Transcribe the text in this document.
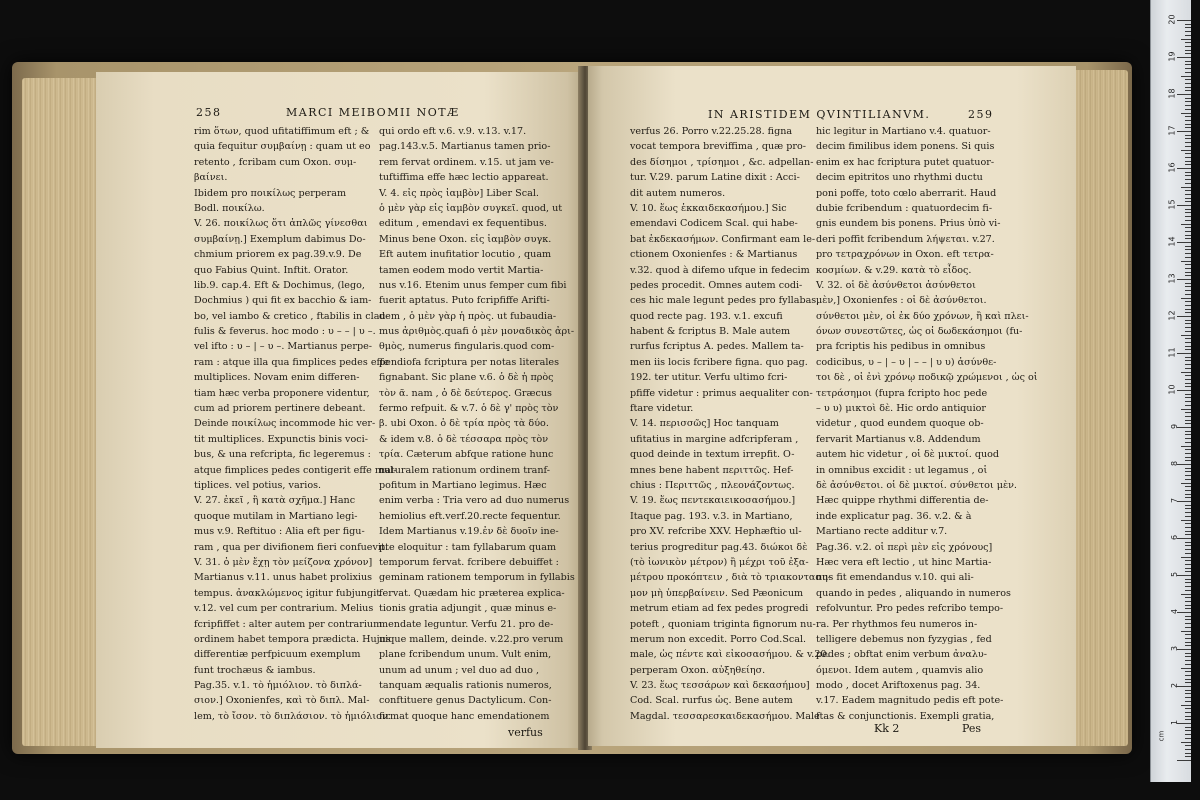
258	MARCI MEIBOMII NOTÆ
rim ὅτων, quod ufitatiffimum eft ; &
quia fequitur συμβαίνῃ : quam ut eo
retento , fcribam cum Oxon. συμ-
βαίνει.
Ibidem pro ποικίλως perperam
Bodl. ποικίλω.
V. 26. ποικίλως ὅτι ἁπλῶς γίνεσθαι
συμβαίνῃ.] Exemplum dabimus Do-
chmium priorem ex pag.39.v.9. De
quo Fabius Quint. Inftit. Orator.
lib.9. cap.4. Eft & Dochimus, (lego,
Dochmius ) qui fit ex bacchio & iam-
bo, vel iambo & cretico , ftabilis in clau-
fulis & feverus. hoc modo : υ – – | υ –.
vel ifto : υ – | – υ –. Martianus perpe-
ram : atque illa qua fimplices pedes effe
multiplices. Novam enim differen-
tiam hæc verba proponere videntur,
cum ad priorem pertinere debeant.
Deinde ποικίλως incommode hic ver-
tit multiplices. Expunctis binis voci-
bus, & una refcripta, fic legeremus :
atque fimplices pedes contigerit effe mul-
tiplices. vel potius, varios.
V. 27. ἐκεῖ , ἢ κατὰ σχῆμα.] Hanc
quoque mutilam in Martiano legi-
mus v.9. Reftituo : Alia eft per figu-
ram , qua per divifionem fieri confuevit.
V. 31. ὁ μὲν ἔχῃ τὸν μείζονα χρόνον]
Martianus v.11. unus habet prolixius
tempus. ἀνακλώμενος igitur fubjungit
v.12. vel cum per contrarium. Melius
fcripfiffet : alter autem per contrarium
ordinem habet tempora prædicta. Hujus
differentiæ perfpicuum exemplum
funt trochæus & iambus.
Pag.35. v.1. τὸ ἡμιόλιον. τὸ διπλά-
σιον.] Oxonienfes, καὶ τὸ διπλ. Mal-
lem, τὸ ἴσον. τὸ διπλάσιον. τὸ ἡμιόλιον.
qui ordo eft v.6. v.9. v.13. v.17.
pag.143.v.5. Martianus tamen prio-
rem fervat ordinem. v.15. ut jam ve-
tuftiffima effe hæc lectio appareat.
V. 4. εἰς πρὸς ἰαμβὸν] Liber Scal.
ὁ μὲν γὰρ εἰς ἰαμβὸν συγκεῖ. quod, ut
editum , emendavi ex fequentibus.
Minus bene Oxon. εἰς ἰαμβὸν συγκ.
Eft autem inufitatior locutio , quam
tamen eodem modo vertit Martia-
nus v.16. Etenim unus femper cum fibi
fuerit aptatus. Puto fcripfiffe Arifti-
dem , ὁ μὲν γὰρ ἡ πρὸς. ut fubaudia-
mus ἀριθμὸς.quafi ὁ μὲν μοναδικὸς ἀρι-
θμὸς, numerus fingularis.quod com-
pendiofa fcriptura per notas literales
fignabant. Sic plane v.6. ὁ δὲ ἡ πρὸς
τὸν ᾶ. nam , ὁ δὲ δεύτερος. Græcus
fermo refpuit. & v.7. ὁ δὲ γ' πρὸς τὸν
β. ubi Oxon. ὁ δὲ τρία πρὸς τὰ δύο.
& idem v.8. ὁ δὲ τέσσαρα πρὸς τὸν
τρία. Cæterum abfque ratione hunc
naturalem rationum ordinem tranf-
pofitum in Martiano legimus. Hæc
enim verba : Tria vero ad duo numerus
hemiolius eft.verf.20.recte fequentur.
Idem Martianus v.19.ἐν δὲ δυοῖν ine-
pte eloquitur : tam fyllabarum quam
temporum fervat. fcribere debuiffet :
geminam rationem temporum in fyllabis
fervat. Quædam hic præterea explica-
tionis gratia adjungit , quæ minus e-
mendate leguntur. Verfu 21. pro de-
nique mallem, deinde. v.22.pro verum
plane fcribendum unum. Vult enim,
unum ad unum ; vel duo ad duo ,
tanquam æqualis rationis numeros,
conftituere genus Dactylicum. Con-
firmat quoque hanc emendationem
verfus
IN ARISTIDEM QVINTILIANVM.	259
verfus 26. Porro v.22.25.28. figna
vocat tempora breviffima , quæ pro-
des δίσημοι , τρίσημοι , &c. adpellan-
tur. V.29. parum Latine dixit : Acci-
dit autem numeros.
V. 10. ἕως ἑκκαιδεκασήμου.] Sic
emendavi Codicem Scal. qui habe-
bat ἑκδεκασήμων. Confirmant eam le-
ctionem Oxonienfes : & Martianus
v.32. quod à difemo ufque in fedecim
pedes procedit. Omnes autem codi-
ces hic male legunt pedes pro fyllabas,
quod recte pag. 193. v.1. excufi
habent & fcriptus B. Male autem
rurfus fcriptus A. pedes. Mallem ta-
men iis locis fcribere figna. quo pag.
192. ter utitur. Verfu ultimo fcri-
pfiffe videtur : primus aequaliter con-
ftare videtur.
V. 14. περισσῶς] Hoc tanquam
ufitatius in margine adfcripferam ,
quod deinde in textum irrepfit. O-
mnes bene habent περιττῶς. Hef-
chius : Περιττῶς , πλεονάζοντως.
V. 19. ἕως πεντεκαιεικοσασήμου.]
Itaque pag. 193. v.3. in Martiano,
pro XV. refcribe XXV. Hephæftio ul-
terius progreditur pag.43. διώκοι δὲ
(τὸ ἰωνικὸν μέτρον) ἢ μέχρι τοῦ ἐξα-
μέτρου προκόπτειν , διὰ τὸ τριακονταση-
μον μὴ ὑπερβαίνειν. Sed Pæonicum
metrum etiam ad fex pedes progredi
poteft , quoniam triginta fignorum nu-
merum non excedit. Porro Cod.Scal.
male, ὡς πέντε καὶ εἰκοσασήμου. & v.20.
perperam Oxon. αὐξηθείησ.
V. 23. ἕως τεσσάρων καὶ δεκασήμου]
Cod. Scal. rurfus ὡς. Bene autem
Magdal. τεσσαρεσκαιδεκασήμου. Male
hic legitur in Martiano v.4. quatuor-
decim fimilibus idem ponens. Si quis
enim ex hac fcriptura putet quatuor-
decim epitritos uno rhythmi ductu
poni poffe, toto cœlo aberrarit. Haud
dubie fcribendum : quatuordecim fi-
gnis eundem bis ponens. Prius ὑπὸ vi-
deri poffit fcribendum λήψεται. v.27.
pro τετραχρόνων in Oxon. eft τετρα-
κοσμίων. & v.29. κατὰ τὸ εἶδος.
V. 32. οἱ δὲ ἀσύνθετοι ἀσύνθετοι
μὲν,] Oxonienfes : οἱ δὲ ἀσύνθετοι.
σύνθετοι μὲν, οἱ ἐκ δύο χρόνων, ἢ καὶ πλει-
όνων συνεστῶτες, ὡς οἱ δωδεκάσημοι (fu-
pra fcriptis his pedibus in omnibus
codicibus, υ – | – υ | – – | υ υ) ἀσύνθε-
τοι δὲ , οἱ ἐνὶ χρόνῳ ποδικῷ χρώμενοι , ὡς οἱ
τετράσημοι (fupra fcripto hoc pede
– υ υ) μικτοὶ δὲ. Hic ordo antiquior
videtur , quod eundem quoque ob-
fervarit Martianus v.8. Addendum
autem hic videtur , οἱ δὲ μικτοί. quod
in omnibus excidit : ut legamus , οἱ
δὲ ἀσύνθετοι. οἱ δὲ μικτοί. σύνθετοι μὲν.
Hæc quippe rhythmi differentia de-
inde explicatur pag. 36. v.2. & à
Martiano recte additur v.7.
Pag.36. v.2. οἱ περὶ μὲν εἰς χρόνους]
Hæc vera eft lectio , ut hinc Martia-
nus fit emendandus v.10. qui ali-
quando in pedes , aliquando in numeros
refolvuntur. Pro pedes refcribo tempo-
ra. Per rhythmos feu numeros in-
telligere debemus non fyzygias , fed
pedes ; obftat enim verbum ἀναλυ-
όμενοι. Idem autem , quamvis alio
modo , docet Ariftoxenus pag. 34.
v.17. Eadem magnitudo pedis eft pote-
ftas & conjunctionis. Exempli gratia,
Kk 2	Pes	1
2
3
4
5
6
7
8
9
10
11
12
13
14
15
16
17
18
19
20
cm
